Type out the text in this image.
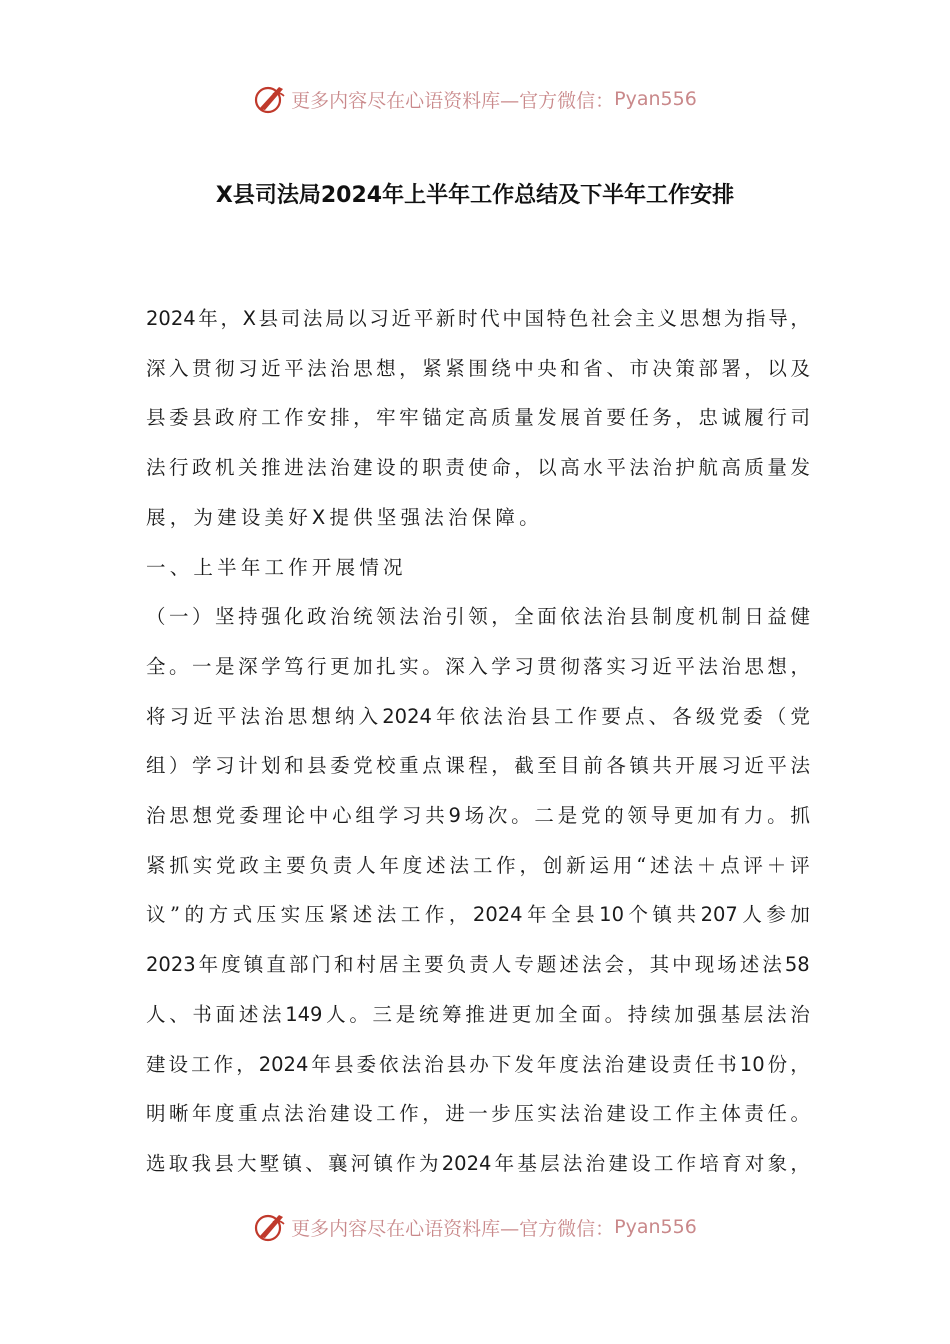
更多内容尽在心语资料库—官方微信： Pyan556
X县司法局2024年上半年工作总结及下半年工作安排
2024 年 ， X 县 司 法 局 以 习 近 平 新 时 代 中 国 特 色 社 会 主 义 思 想 为 指 导 ，
深 入 贯 彻 习 近 平 法 治 思 想 ， 紧 紧 围 绕 中 央 和 省 、 市 决 策 部 署 ， 以 及
县 委 县 政 府 工 作 安 排 ， 牢 牢 锚 定 高 质 量 发 展 首 要 任 务 ， 忠 诚 履 行 司
法 行 政 机 关 推 进 法 治 建 设 的 职 责 使 命 ， 以 高 水 平 法 治 护 航 高 质 量 发
展 ， 为 建 设 美 好 X 提 供 坚 强 法 治 保 障 。
一 、 上 半 年 工 作 开 展 情 况
（ 一 ） 坚 持 强 化 政 治 统 领 法 治 引 领 ， 全 面 依 法 治 县 制 度 机 制 日 益 健
全 。 一 是 深 学 笃 行 更 加 扎 实 。 深 入 学 习 贯 彻 落 实 习 近 平 法 治 思 想 ，
将 习 近 平 法 治 思 想 纳 入 2024 年 依 法 治 县 工 作 要 点 、 各 级 党 委 （ 党
组 ） 学 习 计 划 和 县 委 党 校 重 点 课 程 ， 截 至 目 前 各 镇 共 开 展 习 近 平 法
治 思 想 党 委 理 论 中 心 组 学 习 共 9 场 次 。 二 是 党 的 领 导 更 加 有 力 。 抓
紧 抓 实 党 政 主 要 负 责 人 年 度 述 法 工 作 ， 创 新 运 用 “ 述 法 ＋ 点 评 ＋ 评
议 ” 的 方 式 压 实 压 紧 述 法 工 作 ， 2024 年 全 县 10 个 镇 共 207 人 参 加
2023 年 度 镇 直 部 门 和 村 居 主 要 负 责 人 专 题 述 法 会 ， 其 中 现 场 述 法 58
人 、 书 面 述 法 149 人 。 三 是 统 筹 推 进 更 加 全 面 。 持 续 加 强 基 层 法 治
建 设 工 作 ， 2024 年 县 委 依 法 治 县 办 下 发 年 度 法 治 建 设 责 任 书 10 份 ，
明 晰 年 度 重 点 法 治 建 设 工 作 ， 进 一 步 压 实 法 治 建 设 工 作 主 体 责 任 。
选 取 我 县 大 墅 镇 、 襄 河 镇 作 为 2024 年 基 层 法 治 建 设 工 作 培 育 对 象 ，
更多内容尽在心语资料库—官方微信： Pyan556
